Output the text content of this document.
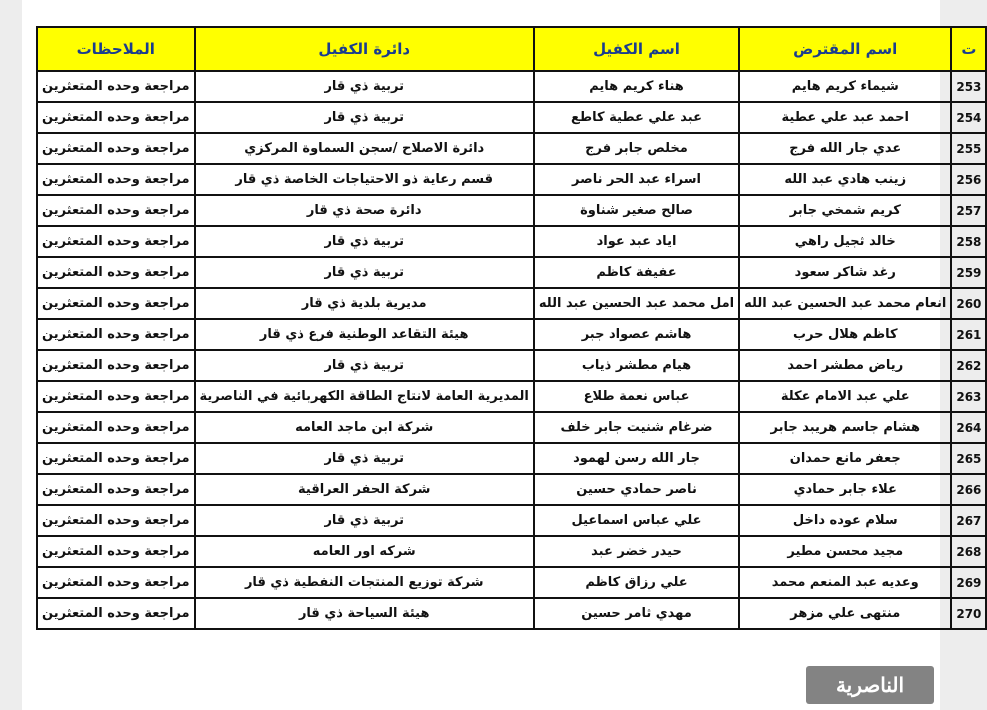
ت	اسم المقترض	اسم الكفيل	دائرة الكفيل	الملاحظات
253	شيماء كريم هايم	هناء كريم هايم	تربية ذي قار	مراجعة وحده المتعثرين
254	احمد عبد علي عطية	عبد علي عطية كاطع	تربية ذي قار	مراجعة وحده المتعثرين
255	عدي جار الله فرج	مخلص جابر فرج	دائرة الاصلاح /سجن السماوة المركزي	مراجعة وحده المتعثرين
256	زينب هادي عبد الله	اسراء عبد الحر ناصر	قسم رعاية ذو الاحتياجات الخاصة ذي قار	مراجعة وحده المتعثرين
257	كريم شمخي جابر	صالح صغير شناوة	دائرة صحة ذي قار	مراجعة وحده المتعثرين
258	خالد ثجيل راهي	اياد عبد عواد	تربية ذي قار	مراجعة وحده المتعثرين
259	رغد شاكر سعود	عفيفة كاظم	تربية ذي قار	مراجعة وحده المتعثرين
260	انعام محمد عبد الحسين عبد الله	امل محمد عبد الحسين عبد الله	مديرية بلدية ذي قار	مراجعة وحده المتعثرين
261	كاظم هلال حرب	هاشم عصواد جبر	هيئة التقاعد الوطنية فرع ذي قار	مراجعة وحده المتعثرين
262	رياض مطشر احمد	هيام مطشر ذياب	تربية ذي قار	مراجعة وحده المتعثرين
263	علي عبد الامام عكلة	عباس نعمة طلاع	المديرية العامة لانتاج الطاقة الكهربائية في الناصرية	مراجعة وحده المتعثرين
264	هشام جاسم هريبد جابر	ضرغام شنيت جابر خلف	شركة ابن ماجد العامه	مراجعة وحده المتعثرين
265	جعفر مانع حمدان	جار الله رسن لهمود	تربية ذي قار	مراجعة وحده المتعثرين
266	علاء جابر حمادي	ناصر حمادي حسين	شركة الحفر العراقية	مراجعة وحده المتعثرين
267	سلام عوده داخل	علي عباس اسماعيل	تربية ذي قار	مراجعة وحده المتعثرين
268	مجيد محسن مطير	حيدر خضر عبد	شركه اور العامه	مراجعة وحده المتعثرين
269	وعديه عبد المنعم محمد	علي رزاق كاظم	شركة توزيع المنتجات النفطية ذي قار	مراجعة وحده المتعثرين
270	منتهى علي مزهر	مهدي ثامر حسين	هيئة السياحة ذي قار	مراجعة وحده المتعثرين
الناصرية
